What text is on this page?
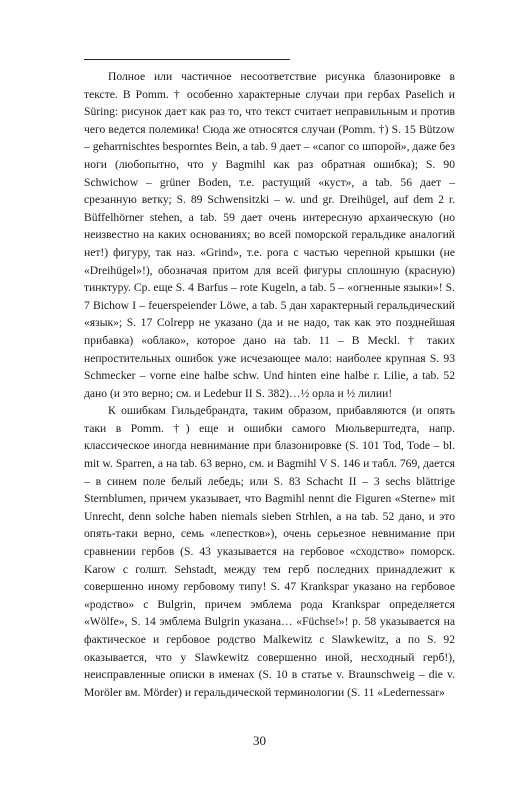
Полное или частичное несоответствие рисунка блазонировке в тексте. В Pomm. † особенно характерные случаи при гербах Paselich и Süring: рисунок дает как раз то, что текст считает неправильным и против чего ведется полемика! Сюда же относятся случаи (Pomm. †) S. 15 Bützow – geharrnischtes besporntes Bein, a tab. 9 дает – «сапог со шпорой», даже без ноги (любопытно, что у Bagmihl как раз обратная ошибка); S. 90 Schwichow – grüner Boden, т.е. растущий «куст», a tab. 56 дает – срезанную ветку; S. 89 Schwensitzki – w. und gr. Dreihügel, auf dem 2 r. Büffelhörner stehen, a tab. 59 дает очень интересную архаическую (но неизвестно на каких основаниях; во всей поморской геральдике аналогий нет!) фигуру, так наз. «Grind», т.е. рога с частью черепной крышки (не «Dreihügel»!), обозначая притом для всей фигуры сплошную (красную) тинктуру. Ср. еще S. 4 Barfus – rote Kugeln, a tab. 5 – «огненные языки»! S. 7 Bichow I – feuerspeiender Löwe, a tab. 5 дан характерный геральдический «язык»; S. 17 Colrepp не указано (да и не надо, так как это позднейшая прибавка) «облако», которое дано на tab. 11 – В Meckl. † таких непростительных ошибок уже исчезающее мало: наиболее крупная S. 93 Schmecker – vorne eine halbe schw. Und hinten eine halbe r. Lilie, a tab. 52 дано (и это верно; см. и Ledebur II S. 382)…½ орла и ½ лилии!

К ошибкам Гильдебрандта, таким образом, прибавляются (и опять таки в Pomm. †) еще и ошибки самого Мюльверштедта, напр. классическое иногда невнимание при блазонировке (S. 101 Tod, Tode – bl. mit w. Sparren, a на tab. 63 верно, см. и Bagmihl V S. 146 и табл. 769, дается – в синем поле белый лебедь; или S. 83 Schacht II – 3 sechs blättrige Sternblumen, причем указывает, что Bagmihl nennt die Figuren «Sterne» mit Unrecht, denn solche haben niemals sieben Strhlen, a на tab. 52 дано, и это опять-таки верно, семь «лепестков»), очень серьезное невнимание при сравнении гербов (S. 43 указывается на гербовое «сходство» поморск. Karow с голшт. Sehstadt, между тем герб последних принадлежит к совершенно иному гербовому типу! S. 47 Krankspar указано на гербовое «родство» с Bulgrin, причем эмблема рода Krankspar определяется «Wölfe», S. 14 эмблема Bulgrin указана… «Füchse!»! p. 58 указывается на фактическое и гербовое родство Malkewitz с Slawkewitz, а по S. 92 оказывается, что у Slawkewitz совершенно иной, несходный герб!), неисправленные описки в именах (S. 10 в статье v. Braunschweig – die v. Moröler вм. Mörder) и геральдической терминологии (S. 11 «Ledernessar»

30
